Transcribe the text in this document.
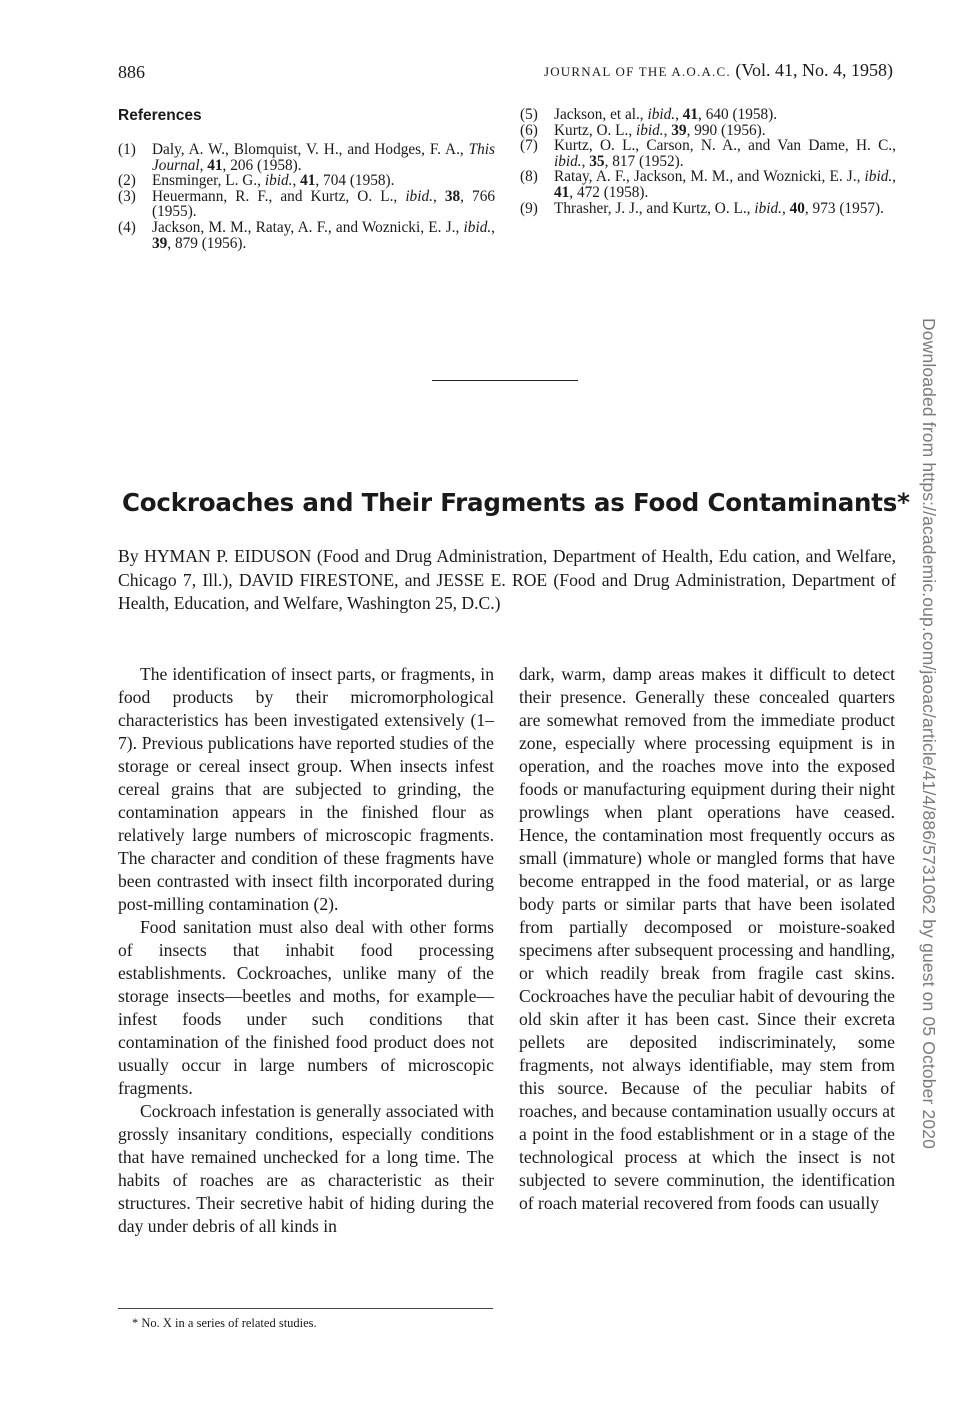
886	JOURNAL OF THE A.O.A.C. (Vol. 41, No. 4, 1958)
References
(1) Daly, A. W., Blomquist, V. H., and Hodges, F. A., This Journal, 41, 206 (1958).
(2) Ensminger, L. G., ibid., 41, 704 (1958).
(3) Heuermann, R. F., and Kurtz, O. L., ibid., 38, 766 (1955).
(4) Jackson, M. M., Ratay, A. F., and Woznicki, E. J., ibid., 39, 879 (1956).
(5) Jackson, et al., ibid., 41, 640 (1958).
(6) Kurtz, O. L., ibid., 39, 990 (1956).
(7) Kurtz, O. L., Carson, N. A., and Van Dame, H. C., ibid., 35, 817 (1952).
(8) Ratay, A. F., Jackson, M. M., and Woznicki, E. J., ibid., 41, 472 (1958).
(9) Thrasher, J. J., and Kurtz, O. L., ibid., 40, 973 (1957).
Cockroaches and Their Fragments as Food Contaminants*
By HYMAN P. EIDUSON (Food and Drug Administration, Department of Health, Edu cation, and Welfare, Chicago 7, Ill.), DAVID FIRESTONE, and JESSE E. ROE (Food and Drug Administration, Department of Health, Education, and Welfare, Washington 25, D.C.)

The identification of insect parts, or fragments, in food products by their micromorphological characteristics has been investigated extensively (1–7). Previous publications have reported studies of the storage or cereal insect group. When insects infest cereal grains that are subjected to grinding, the contamination appears in the finished flour as relatively large numbers of microscopic fragments. The character and condition of these fragments have been contrasted with insect filth incorporated during post-milling contamination (2).

Food sanitation must also deal with other forms of insects that inhabit food processing establishments. Cockroaches, unlike many of the storage insects—beetles and moths, for example—infest foods under such conditions that contamination of the finished food product does not usually occur in large numbers of microscopic fragments.

Cockroach infestation is generally associated with grossly insanitary conditions, especially conditions that have remained unchecked for a long time. The habits of roaches are as characteristic as their structures. Their secretive habit of hiding during the day under debris of all kinds in

dark, warm, damp areas makes it difficult to detect their presence. Generally these concealed quarters are somewhat removed from the immediate product zone, especially where processing equipment is in operation, and the roaches move into the exposed foods or manufacturing equipment during their night prowlings when plant operations have ceased. Hence, the contamination most frequently occurs as small (immature) whole or mangled forms that have become entrapped in the food material, or as large body parts or similar parts that have been isolated from partially decomposed or moisture-soaked specimens after subsequent processing and handling, or which readily break from fragile cast skins. Cockroaches have the peculiar habit of devouring the old skin after it has been cast. Since their excreta pellets are deposited indiscriminately, some fragments, not always identifiable, may stem from this source. Because of the peculiar habits of roaches, and because contamination usually occurs at a point in the food establishment or in a stage of the technological process at which the insect is not subjected to severe comminution, the identification of roach material recovered from foods can usually

* No. X in a series of related studies.
Downloaded from https://academic.oup.com/jaoac/article/41/4/886/5731062 by guest on 05 October 2020
